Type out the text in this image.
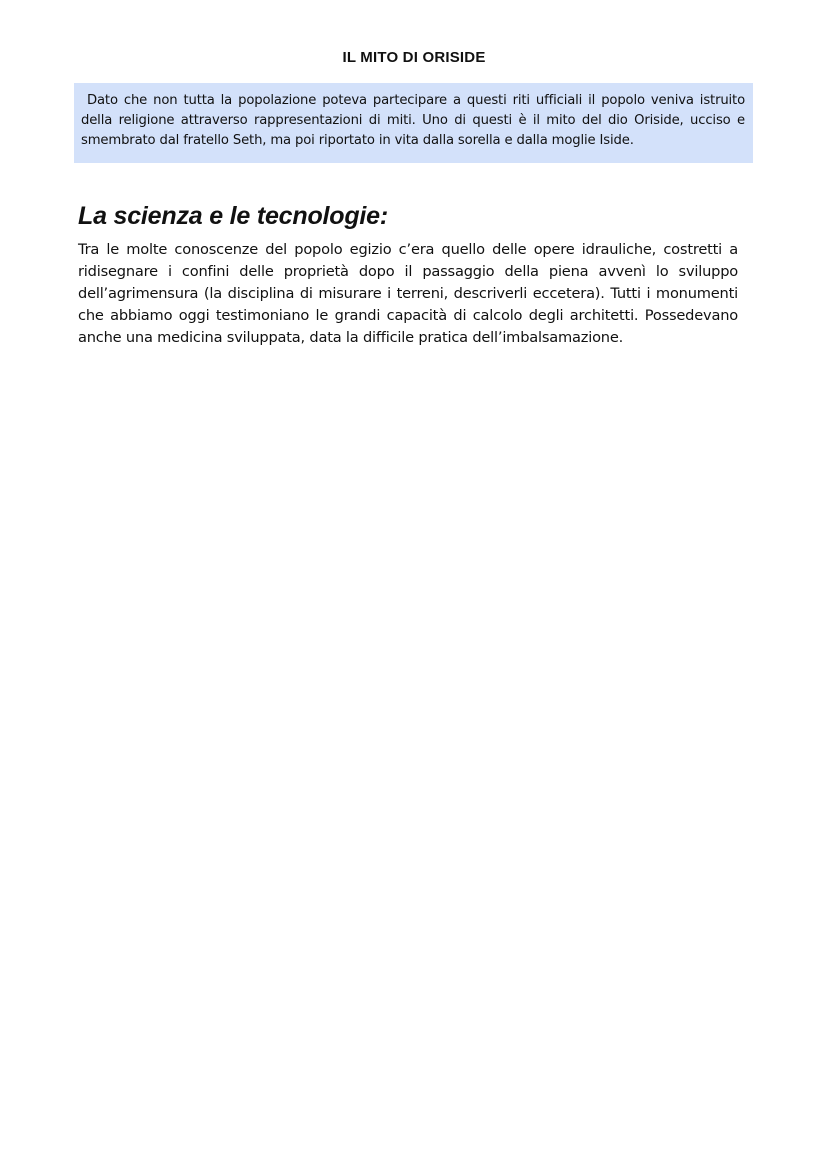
IL MITO DI ORISIDE

Dato che non tutta la popolazione poteva partecipare a questi riti ufficiali il popolo veniva istruito della religione attraverso rappresentazioni di miti. Uno di questi è il mito del dio Oriside, ucciso e smembrato dal fratello Seth, ma poi riportato in vita dalla sorella e dalla moglie Iside.

La scienza e le tecnologie:

Tra le molte conoscenze del popolo egizio c’era quello delle opere idrauliche, costretti a ridisegnare i confini delle proprietà dopo il passaggio della piena avvenì lo sviluppo dell’agrimensura (la disciplina di misurare i terreni, descriverli eccetera). Tutti i monumenti che abbiamo oggi testimoniano le grandi capacità di calcolo degli architetti. Possedevano anche una medicina sviluppata, data la difficile pratica dell’imbalsamazione.
